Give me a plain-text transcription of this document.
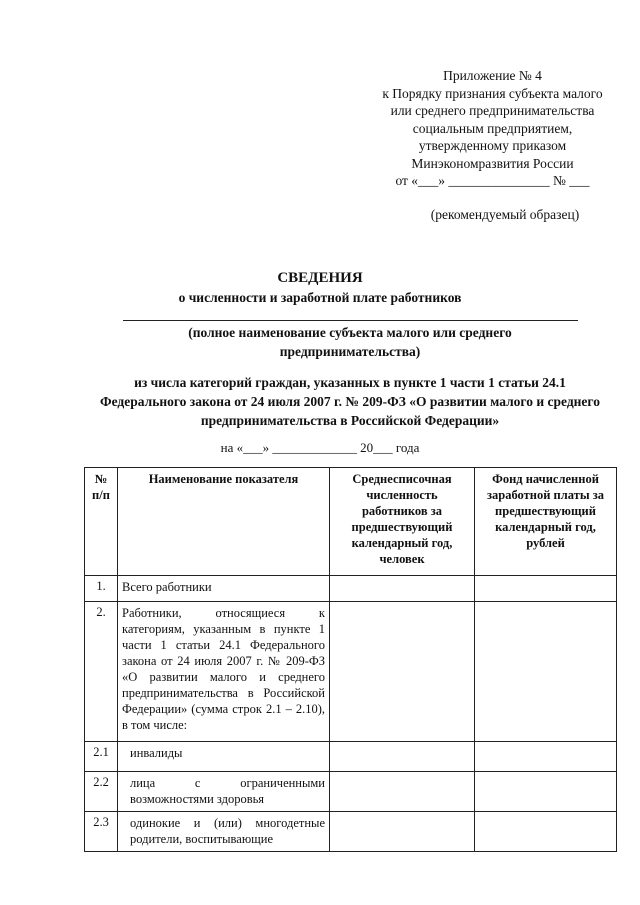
Приложение № 4
к Порядку признания субъекта малого
или среднего предпринимательства
социальным предприятием,
утвержденному приказом
Минэкономразвития России
от «___» _______________ № ___
(рекомендуемый образец)
СВЕДЕНИЯ
о численности и заработной плате работников
(полное наименование субъекта малого или среднего предпринимательства)
из числа категорий граждан, указанных в пункте 1 части 1 статьи 24.1 Федерального закона от 24 июля 2007 г. № 209-ФЗ «О развитии малого и среднего предпринимательства в Российской Федерации»
на «___» _____________ 20___ года
№ п/п	Наименование показателя	Среднесписочная численность работников за предшествующий календарный год, человек	Фонд начисленной заработной платы за предшествующий календарный год, рублей
1.	Всего работники		
2.	Работники, относящиеся к категориям, указанным в пункте 1 части 1 статьи 24.1 Федерального закона от 24 июля 2007 г. № 209-ФЗ «О развитии малого и среднего предпринимательства в Российской Федерации» (сумма строк 2.1 – 2.10), в том числе:		
2.1	инвалиды		
2.2	лица с ограниченными возможностями здоровья		
2.3	одинокие и (или) многодетные родители, воспитывающие		
